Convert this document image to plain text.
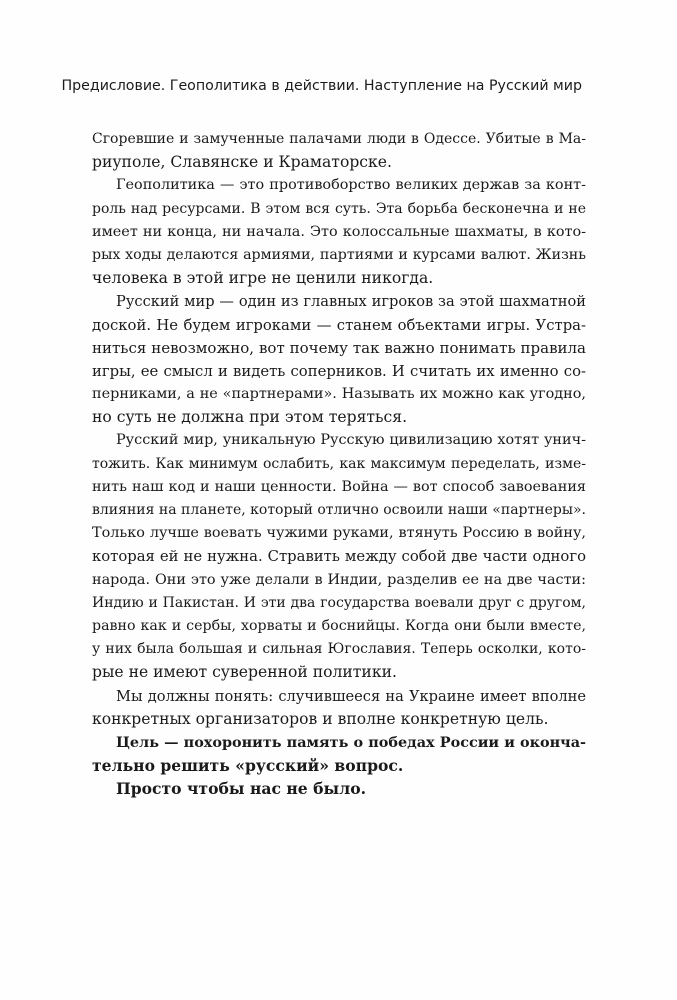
Предисловие. Геополитика в действии. Наступление на Русский мир

Сгоревшие и замученные палачами люди в Одессе. Убитые в Ма-
риуполе, Славянске и Краматорске.

Геополитика — это противоборство великих держав за конт-
роль над ресурсами. В этом вся суть. Эта борьба бесконечна и не
имеет ни конца, ни начала. Это колоссальные шахматы, в кото-
рых ходы делаются армиями, партиями и курсами валют. Жизнь
человека в этой игре не ценили никогда.

Русский мир — один из главных игроков за этой шахматной
доской. Не будем игроками — станем объектами игры. Устра-
ниться невозможно, вот почему так важно понимать правила
игры, ее смысл и видеть соперников. И считать их именно со-
перниками, а не «партнерами». Называть их можно как угодно,
но суть не должна при этом теряться.

Русский мир, уникальную Русскую цивилизацию хотят унич-
тожить. Как минимум ослабить, как максимум переделать, изме-
нить наш код и наши ценности. Война — вот способ завоевания
влияния на планете, который отлично освоили наши «партнеры».
Только лучше воевать чужими руками, втянуть Россию в войну,
которая ей не нужна. Стравить между собой две части одного
народа. Они это уже делали в Индии, разделив ее на две части:
Индию и Пакистан. И эти два государства воевали друг с другом,
равно как и сербы, хорваты и боснийцы. Когда они были вместе,
у них была большая и сильная Югославия. Теперь осколки, кото-
рые не имеют суверенной политики.

Мы должны понять: случившееся на Украине имеет вполне
конкретных организаторов и вполне конкретную цель.

Цель — похоронить память о победах России и оконча-
тельно решить «русский» вопрос.

Просто чтобы нас не было.
